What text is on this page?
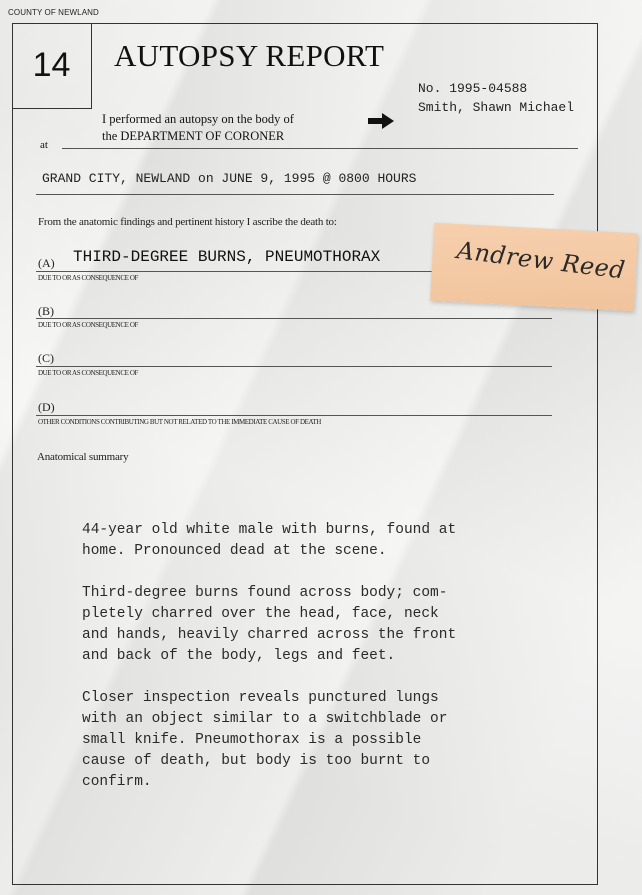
COUNTY OF NEWLAND
14	AUTOPSY REPORT
No. 1995-04588
Smith, Shawn Michael
I performed an autopsy on the body of
the DEPARTMENT OF CORONER
at
GRAND CITY, NEWLAND on JUNE 9, 1995 @ 0800 HOURS
From the anatomic findings and pertinent history I ascribe the death to:
(A) THIRD-DEGREE BURNS, PNEUMOTHORAX
DUE TO OR AS CONSEQUENCE OF
(B)
DUE TO OR AS CONSEQUENCE OF
(C)
DUE TO OR AS CONSEQUENCE OF
(D)
OTHER CONDITIONS CONTRIBUTING BUT NOT RELATED TO THE IMMEDIATE CAUSE OF DEATH
Anatomical summary

44-year old white male with burns, found at
home. Pronounced dead at the scene.

Third-degree burns found across body; com-
pletely charred over the head, face, neck
and hands, heavily charred across the front
and back of the body, legs and feet.

Closer inspection reveals punctured lungs
with an object similar to a switchblade or
small knife. Pneumothorax is a possible
cause of death, but body is too burnt to
confirm.

Andrew Reed
